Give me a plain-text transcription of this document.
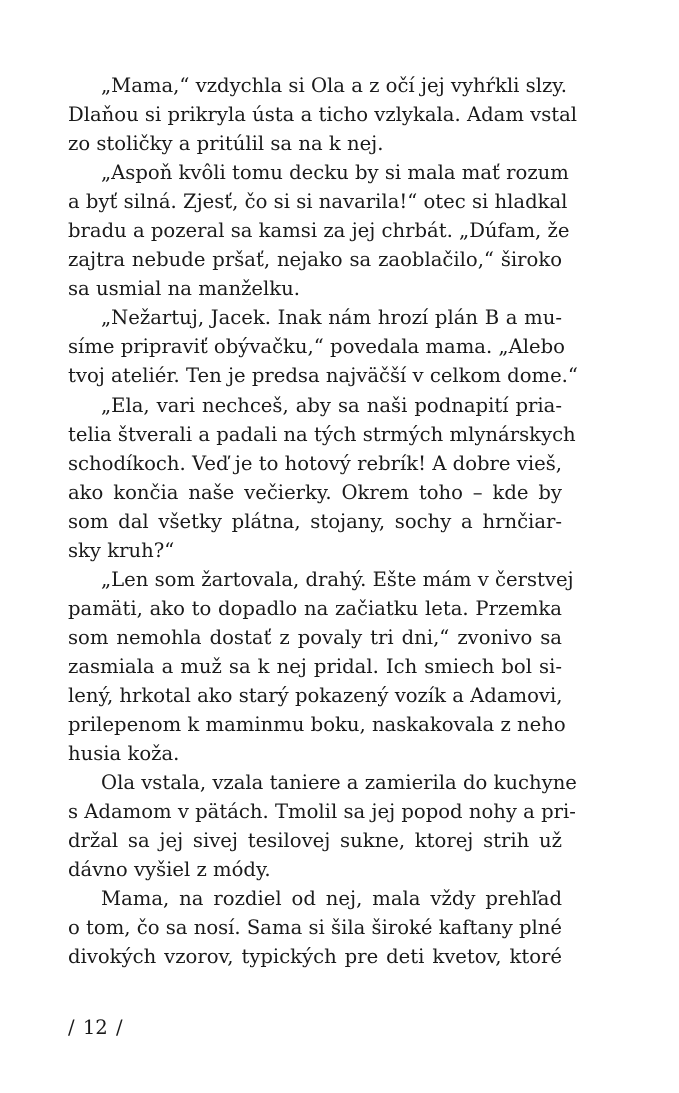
„Mama,“ vzdychla si Ola a z očí jej vyhŕkli slzy.
Dlaňou si prikryla ústa a ticho vzlykala. Adam vstal
zo stoličky a pritúlil sa na k nej.
„Aspoň kvôli tomu decku by si mala mať rozum
a byť silná. Zjesť, čo si si navarila!“ otec si hladkal
bradu a pozeral sa kamsi za jej chrbát. „Dúfam, že
zajtra nebude pršať, nejako sa zaoblačilo,“ široko
sa usmial na manželku.
„Nežartuj, Jacek. Inak nám hrozí plán B a mu-
síme pripraviť obývačku,“ povedala mama. „Alebo
tvoj ateliér. Ten je predsa najväčší v celkom dome.“
„Ela, vari nechceš, aby sa naši podnapití pria-
telia štverali a padali na tých strmých mlynárskych
schodíkoch. Veď je to hotový rebrík! A dobre vieš,
ako končia naše večierky. Okrem toho – kde by
som dal všetky plátna, stojany, sochy a hrnčiar-
sky kruh?“
„Len som žartovala, drahý. Ešte mám v čerstvej
pamäti, ako to dopadlo na začiatku leta. Przemka
som nemohla dostať z povaly tri dni,“ zvonivo sa
zasmiala a muž sa k nej pridal. Ich smiech bol si-
lený, hrkotal ako starý pokazený vozík a Adamovi,
prilepenom k maminmu boku, naskakovala z neho
husia koža.
Ola vstala, vzala taniere a zamierila do kuchyne
s Adamom v pätách. Tmolil sa jej popod nohy a pri-
držal sa jej sivej tesilovej sukne, ktorej strih už
dávno vyšiel z módy.
Mama, na rozdiel od nej, mala vždy prehľad
o tom, čo sa nosí. Sama si šila široké kaftany plné
divokých vzorov, typických pre deti kvetov, ktoré
/ 12 /
